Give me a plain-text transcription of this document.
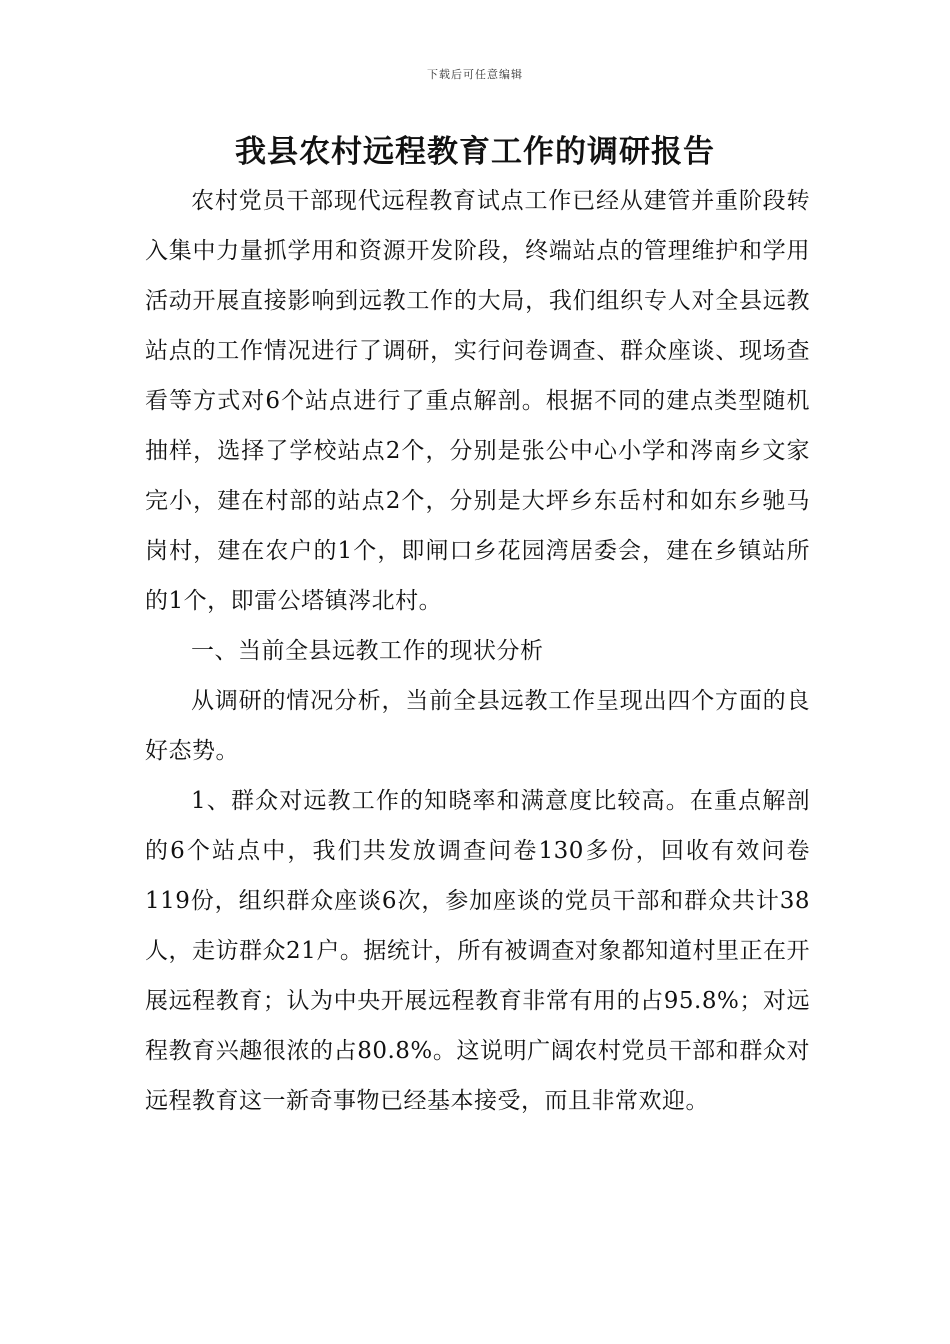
下载后可任意编辑
我县农村远程教育工作的调研报告

农村党员干部现代远程教育试点工作已经从建管并重阶段转入集中力量抓学用和资源开发阶段，终端站点的管理维护和学用活动开展直接影响到远教工作的大局，我们组织专人对全县远教站点的工作情况进行了调研，实行问卷调查、群众座谈、现场查看等方式对6个站点进行了重点解剖。根据不同的建点类型随机抽样，选择了学校站点2个，分别是张公中心小学和涔南乡文家完小，建在村部的站点2个，分别是大坪乡东岳村和如东乡驰马岗村，建在农户的1个，即闸口乡花园湾居委会，建在乡镇站所的1个，即雷公塔镇涔北村。

一、当前全县远教工作的现状分析

从调研的情况分析，当前全县远教工作呈现出四个方面的良好态势。

1、群众对远教工作的知晓率和满意度比较高。在重点解剖的6个站点中，我们共发放调查问卷130多份，回收有效问卷119份，组织群众座谈6次，参加座谈的党员干部和群众共计38人，走访群众21户。据统计，所有被调查对象都知道村里正在开展远程教育；认为中央开展远程教育非常有用的占95.8%；对远程教育兴趣很浓的占80.8%。这说明广阔农村党员干部和群众对远程教育这一新奇事物已经基本接受，而且非常欢迎。
